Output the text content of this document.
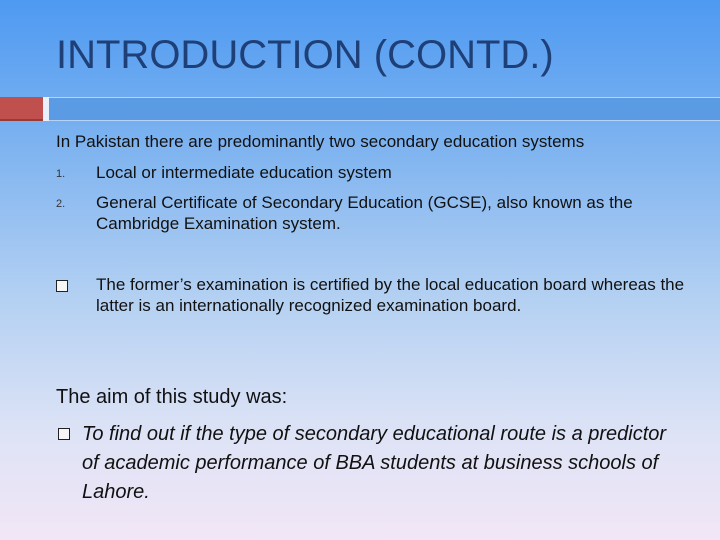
INTRODUCTION (CONTD.)
In Pakistan there are predominantly two secondary education systems
1. Local or intermediate education system
2. General Certificate of Secondary Education (GCSE), also known as the Cambridge Examination system.
The former’s examination is certified by the local education board whereas the latter is an internationally recognized examination board.
The aim of this study was:
To find out if the type of secondary educational route is a predictor of academic performance of BBA students at business schools of Lahore.
